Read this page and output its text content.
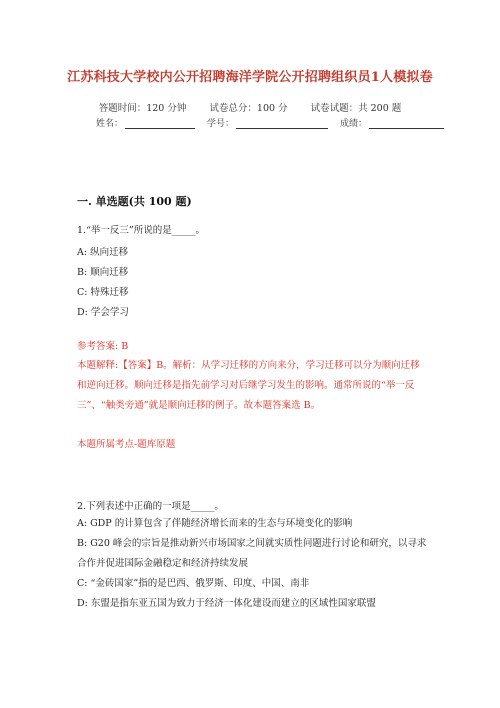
江苏科技大学校内公开招聘海洋学院公开招聘组织员1人模拟卷
答题时间：120 分钟 试卷总分：100 分 试卷试题：共 200 题
姓名：	学号：	成绩：
一. 单选题(共 100 题)
1.“举一反三”所说的是_____。
A: 纵向迁移
B: 顺向迁移
C: 特殊迁移
D: 学会学习
参考答案: B
本题解释:【答案】B。解析：从学习迁移的方向来分，学习迁移可以分为顺向迁移和逆向迁移。顺向迁移是指先前学习对后继学习发生的影响。通常所说的“举一反三”、“触类旁通”就是顺向迁移的例子。故本题答案选 B。
本题所属考点-题库原题
2.下列表述中正确的一项是_____。
A: GDP 的计算包含了伴随经济增长而来的生态与环境变化的影响
B: G20 峰会的宗旨是推动新兴市场国家之间就实质性问题进行讨论和研究，以寻求合作并促进国际金融稳定和经济持续发展
C: “金砖国家”指的是巴西、俄罗斯、印度、中国、南非
D: 东盟是指东亚五国为致力于经济一体化建设而建立的区域性国家联盟
